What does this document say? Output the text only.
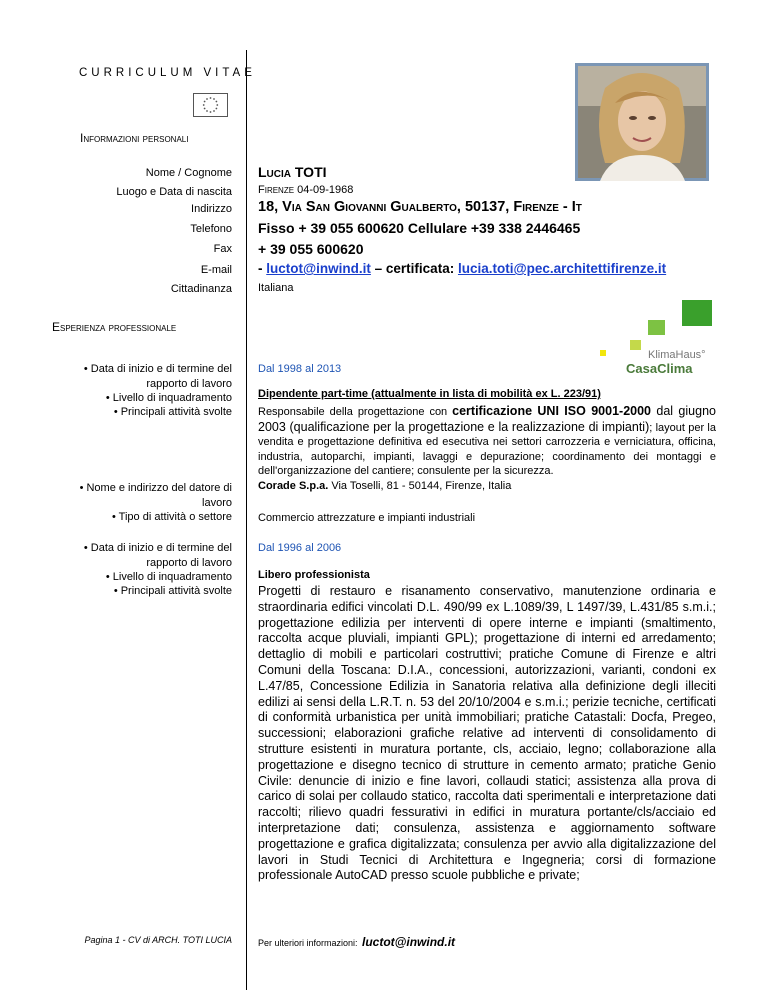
CURRICULUM VITAE
Informazioni personali
Nome / Cognome
Luogo e Data di nascita
Indirizzo
Telefono
Fax
E-mail
Cittadinanza
Lucia TOTI
Firenze 04-09-1968
18, Via San Giovanni Gualberto, 50137, Firenze - It
Fisso + 39 055 600620 Cellulare +39 338 2446465
+ 39 055 600620
- luctot@inwind.it – certificata: lucia.toti@pec.architettifirenze.it
Italiana
Esperienza professionale
KlimaHaus°
CasaClima
• Data di inizio e di termine del rapporto di lavoro
• Livello di inquadramento
• Principali attività svolte
• Nome e indirizzo del datore di lavoro
• Tipo di attività o settore
Dal 1998 al 2013
Dipendente part-time (attualmente in lista di mobilità ex L. 223/91)
Responsabile della progettazione con certificazione UNI ISO 9001-2000 dal giugno 2003 (qualificazione per la progettazione e la realizzazione di impianti); layout per la vendita e progettazione definitiva ed esecutiva nei settori carrozzeria e verniciatura, officina, industria, autoparchi, impianti, lavaggi e depurazione; coordinamento dei montaggi e dell'organizzazione del cantiere; consulente per la sicurezza.
Corade S.p.a. Via Toselli, 81 - 50144, Firenze, Italia
Commercio attrezzature e impianti industriali
• Data di inizio e di termine del rapporto di lavoro
• Livello di inquadramento
• Principali attività svolte
Dal 1996 al 2006
Libero professionista
Progetti di restauro e risanamento conservativo, manutenzione ordinaria e straordinaria edifici vincolati D.L. 490/99 ex L.1089/39, L 1497/39, L.431/85 s.m.i.; progettazione edilizia per interventi di opere interne e impianti (smaltimento, raccolta acque pluviali, impianti GPL); progettazione di interni ed arredamento; dettaglio di mobili e particolari costruttivi; pratiche Comune di Firenze e altri Comuni della Toscana: D.I.A., concessioni, autorizzazioni, varianti, condoni ex L.47/85, Concessione Edilizia in Sanatoria relativa alla definizione degli illeciti edilizi ai sensi della L.R.T. n. 53 del 20/10/2004 e s.m.i.; perizie tecniche, certificati di conformità urbanistica per unità immobiliari; pratiche Catastali: Docfa, Pregeo, successioni; elaborazioni grafiche relative ad interventi di consolidamento di strutture esistenti in muratura portante, cls, acciaio, legno; collaborazione alla progettazione e disegno tecnico di strutture in cemento armato; pratiche Genio Civile: denuncie di inizio e fine lavori, collaudi statici; assistenza alla prova di carico di solai per collaudo statico, raccolta dati sperimentali e interpretazione dati raccolti; rilievo quadri fessurativi in edifici in muratura portante/cls/acciaio ed interpretazione dati; consulenza, assistenza e aggiornamento software progettazione e grafica digitalizzata; consulenza per avvio alla digitalizzazione del lavori in Studi Tecnici di Architettura e Ingegneria; corsi di formazione professionale AutoCAD presso scuole pubbliche e private;
Pagina 1 - CV di ARCH. TOTI LUCIA	Per ulteriori informazioni: luctot@inwind.it
